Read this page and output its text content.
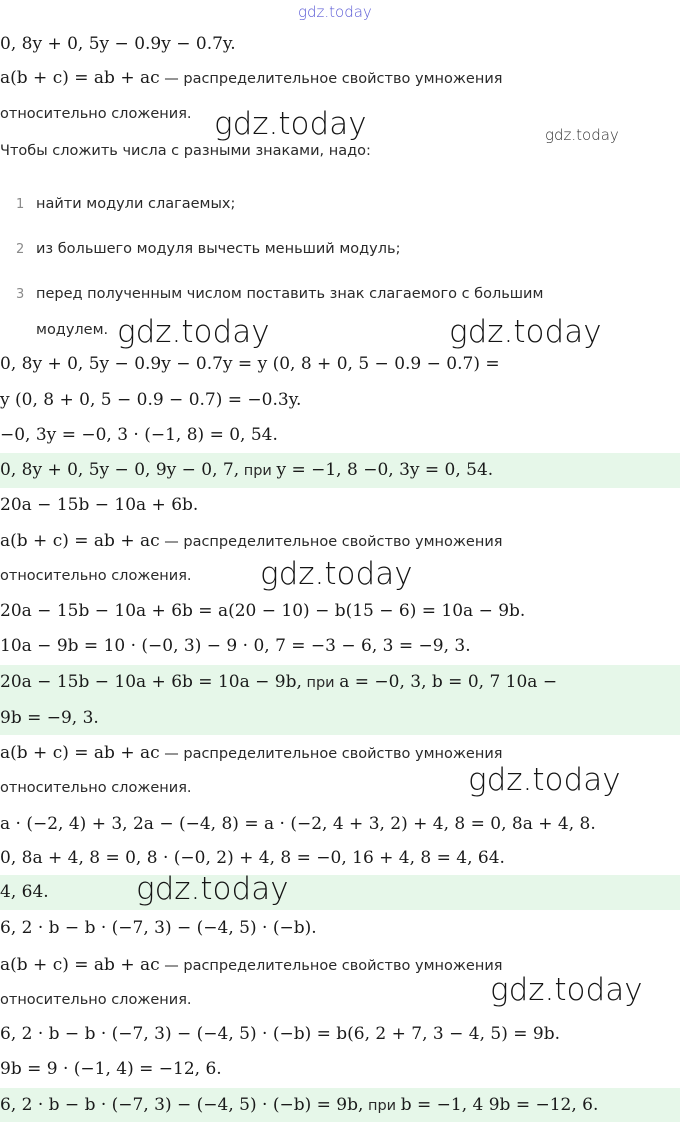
gdz.today
0, 8y + 0, 5y − 0.9y − 0.7y.
a(b + c) = ab + ac — распределительное свойство умножения
относительно сложения. gdz.today	gdz.today
Чтобы сложить числа с разными знаками, надо:
1 найти модули слагаемых;
2 из большего модуля вычесть меньший модуль;
3 перед полученным числом поставить знак слагаемого с большим
модулем. gdz.today	gdz.today
0, 8y + 0, 5y − 0.9y − 0.7y = y (0, 8 + 0, 5 − 0.9 − 0.7) =
y (0, 8 + 0, 5 − 0.9 − 0.7) = −0.3y.
−0, 3y = −0, 3 · (−1, 8) = 0, 54.
0, 8y + 0, 5y − 0, 9y − 0, 7, при y = −1, 8 −0, 3y = 0, 54.
20a − 15b − 10a + 6b.
a(b + c) = ab + ac — распределительное свойство умножения
относительно сложения. gdz.today
20a − 15b − 10a + 6b = a(20 − 10) − b(15 − 6) = 10a − 9b.
10a − 9b = 10 · (−0, 3) − 9 · 0, 7 = −3 − 6, 3 = −9, 3.
20a − 15b − 10a + 6b = 10a − 9b, при a = −0, 3, b = 0, 7 10a −
9b = −9, 3.
a(b + c) = ab + ac — распределительное свойство умножения
относительно сложения.	gdz.today
a · (−2, 4) + 3, 2a − (−4, 8) = a · (−2, 4 + 3, 2) + 4, 8 = 0, 8a + 4, 8.
0, 8a + 4, 8 = 0, 8 · (−0, 2) + 4, 8 = −0, 16 + 4, 8 = 4, 64.
4, 64.	gdz.today
6, 2 · b − b · (−7, 3) − (−4, 5) · (−b).
a(b + c) = ab + ac — распределительное свойство умножения
относительно сложения.	gdz.today
6, 2 · b − b · (−7, 3) − (−4, 5) · (−b) = b(6, 2 + 7, 3 − 4, 5) = 9b.
9b = 9 · (−1, 4) = −12, 6.
6, 2 · b − b · (−7, 3) − (−4, 5) · (−b) = 9b, при b = −1, 4 9b = −12, 6.
